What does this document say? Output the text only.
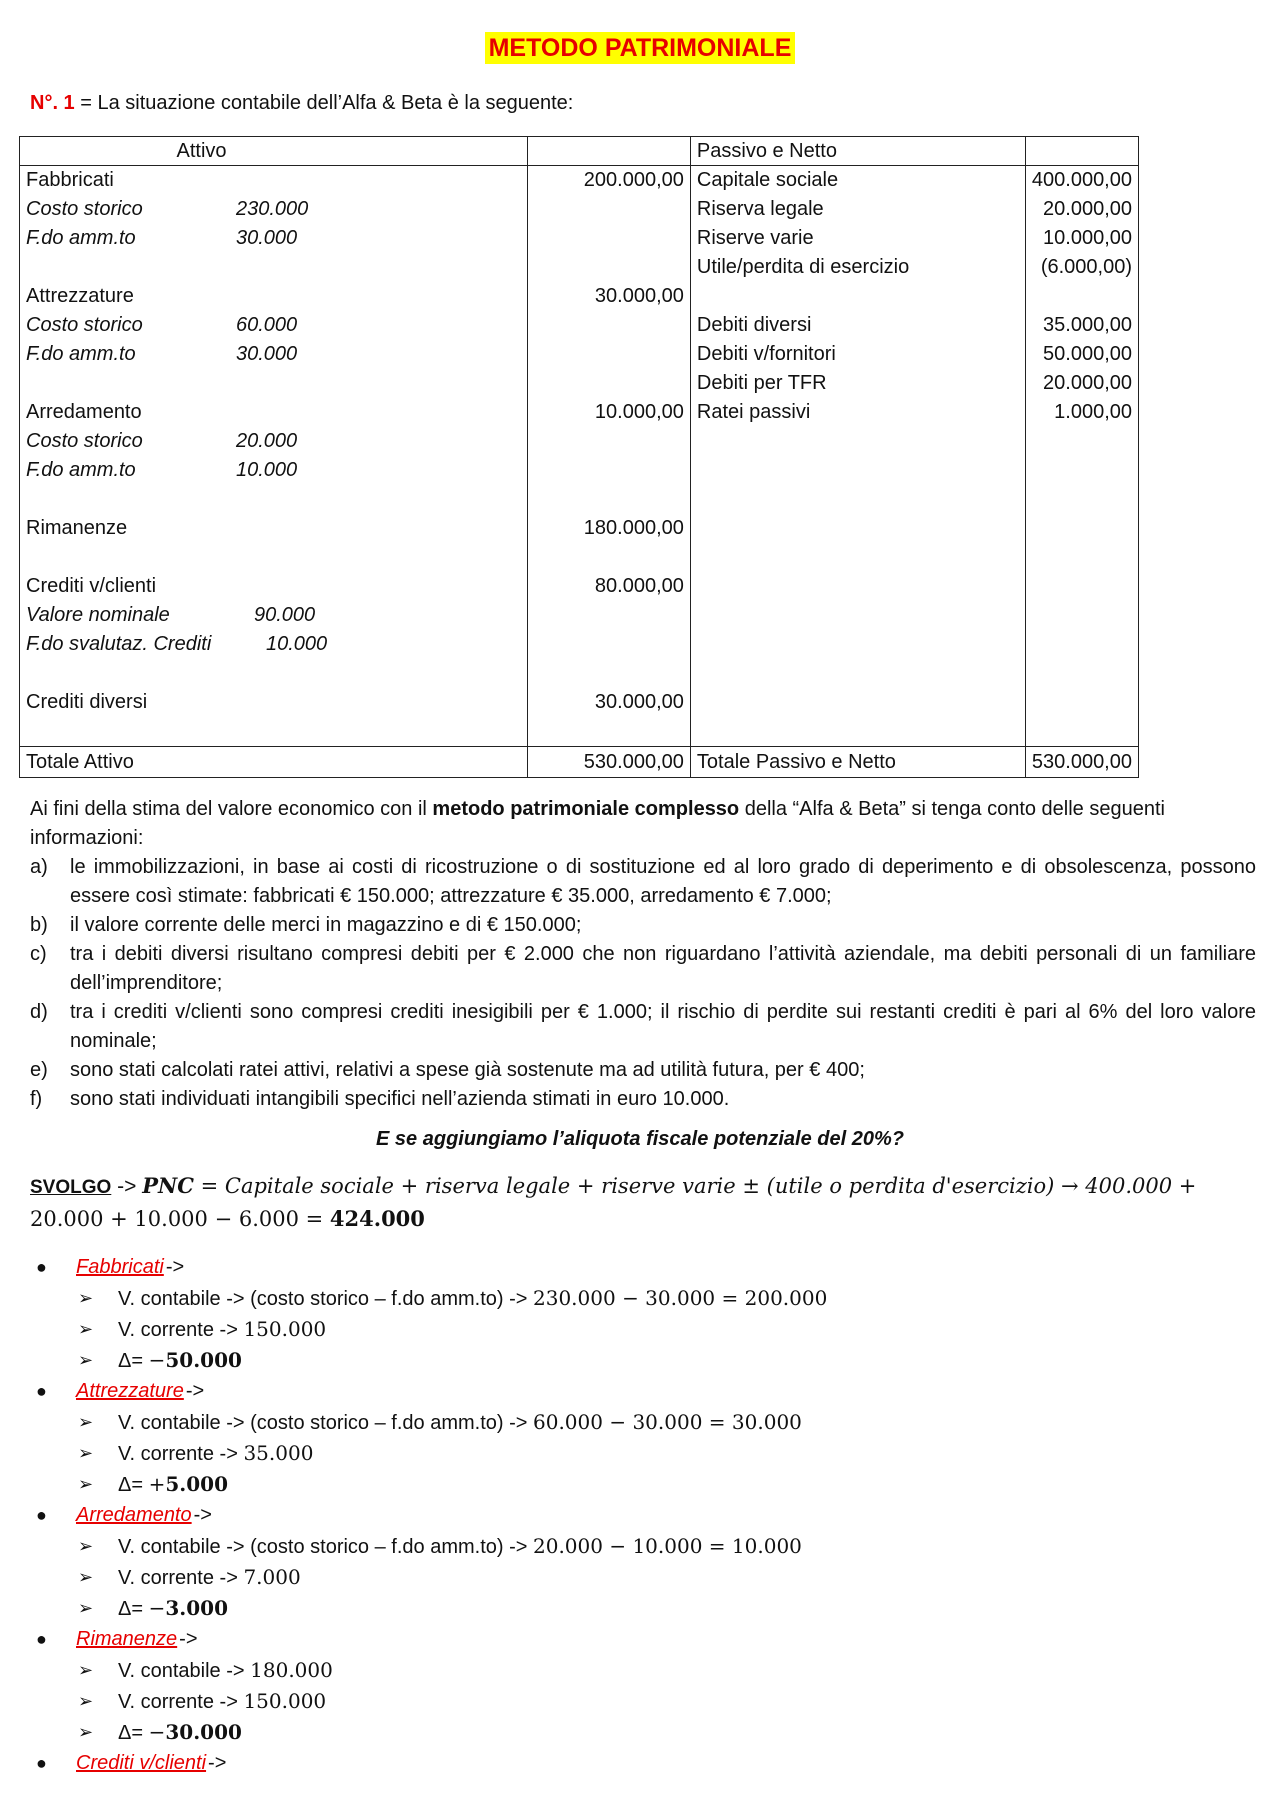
METODO PATRIMONIALE
N°. 1 = La situazione contabile dell’Alfa & Beta è la seguente:
Attivo		Passivo e Netto	
Fabbricati	200.000,00	Capitale sociale	400.000,00

Costo storico 230.000		Riserva legale	20.000,00

F.do amm.to 30.000		Riserve varie	10.000,00
		Utile/perdita di esercizio	(6.000,00)
Attrezzature	30.000,00		

Costo storico 60.000		Debiti diversi	35.000,00

F.do amm.to 30.000		Debiti v/fornitori	50.000,00
		Debiti per TFR	20.000,00
Arredamento	10.000,00	Ratei passivi	1.000,00

Costo storico 20.000			

F.do amm.to 10.000			

Rimanenze	180.000,00		

Crediti v/clienti	80.000,00		

Valore nominale 90.000			

F.do svalutaz. Crediti 10.000			

Crediti diversi	30.000,00		

Totale Attivo	530.000,00	Totale Passivo e Netto	530.000,00
Ai fini della stima del valore economico con il metodo patrimoniale complesso della “Alfa & Beta” si tenga conto delle seguenti informazioni:
a)	le immobilizzazioni, in base ai costi di ricostruzione o di sostituzione ed al loro grado di deperimento e di obsolescenza, possono essere così stimate: fabbricati € 150.000; attrezzature € 35.000, arredamento € 7.000;
b)	il valore corrente delle merci in magazzino e di € 150.000;
c)	tra i debiti diversi risultano compresi debiti per € 2.000 che non riguardano l’attività aziendale, ma debiti personali di un familiare dell’imprenditore;
d)	tra i crediti v/clienti sono compresi crediti inesigibili per € 1.000; il rischio di perdite sui restanti crediti è pari al 6% del loro valore nominale;
e)	sono stati calcolati ratei attivi, relativi a spese già sostenute ma ad utilità futura, per € 400;
f)	sono stati individuati intangibili specifici nell’azienda stimati in euro 10.000.
E se aggiungiamo l’aliquota fiscale potenziale del 20%?
SVOLGO -> PNC = Capitale sociale + riserva legale + riserve varie ± (utile o perdita d'esercizio) → 400.000 +
20.000 + 10.000 − 6.000 = 424.000
●	Fabbricati ->
➢	V. contabile -> (costo storico – f.do amm.to) -> 230.000 − 30.000 = 200.000
➢	V. corrente -> 150.000
➢	Δ= −50.000
●	Attrezzature ->
➢	V. contabile -> (costo storico – f.do amm.to) -> 60.000 − 30.000 = 30.000
➢	V. corrente -> 35.000
➢	Δ= +5.000
●	Arredamento ->
➢	V. contabile -> (costo storico – f.do amm.to) -> 20.000 − 10.000 = 10.000
➢	V. corrente -> 7.000
➢	Δ= −3.000
●	Rimanenze ->
➢	V. contabile -> 180.000
➢	V. corrente -> 150.000
➢	Δ= −30.000
●	Crediti v/clienti ->
